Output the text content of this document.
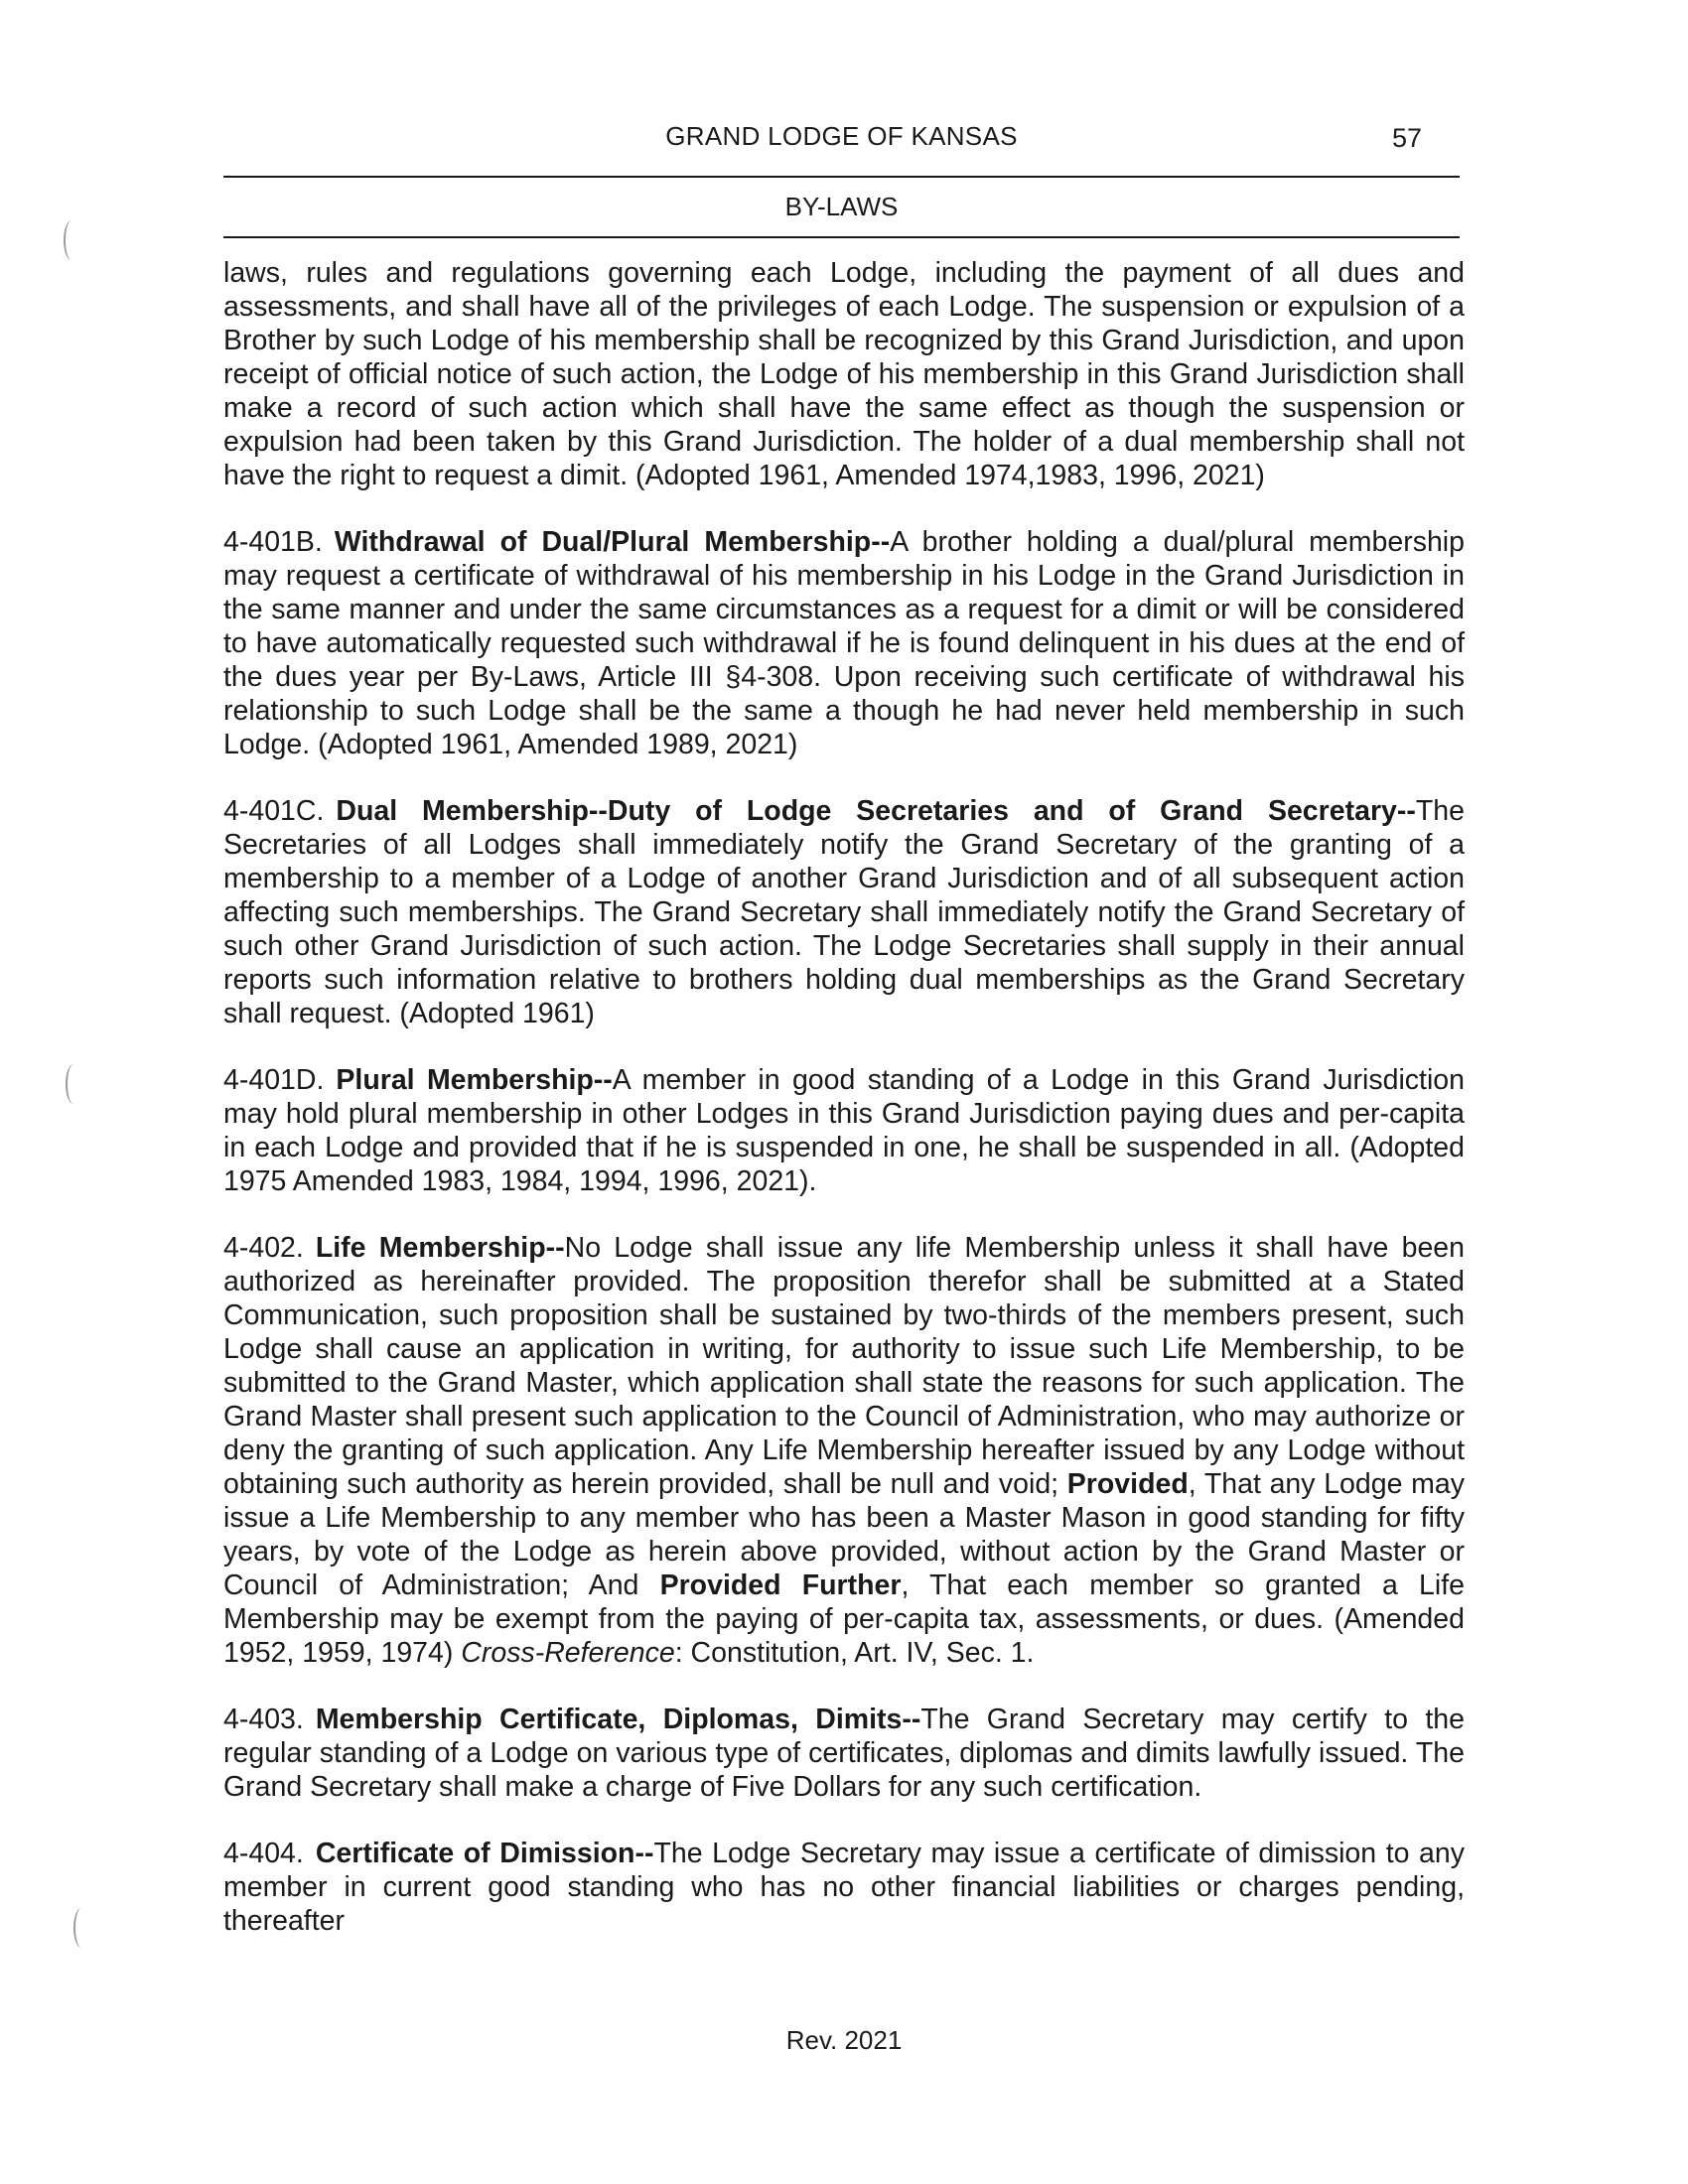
GRAND LODGE OF KANSAS	57
BY-LAWS

laws, rules and regulations governing each Lodge, including the payment of all dues and assessments, and shall have all of the privileges of each Lodge. The suspension or expulsion of a Brother by such Lodge of his membership shall be recognized by this Grand Jurisdiction, and upon receipt of official notice of such action, the Lodge of his membership in this Grand Jurisdiction shall make a record of such action which shall have the same effect as though the suspension or expulsion had been taken by this Grand Jurisdiction. The holder of a dual membership shall not have the right to request a dimit. (Adopted 1961, Amended 1974,1983, 1996, 2021)

4-401B. Withdrawal of Dual/Plural Membership--A brother holding a dual/plural membership may request a certificate of withdrawal of his membership in his Lodge in the Grand Jurisdiction in the same manner and under the same circumstances as a request for a dimit or will be considered to have automatically requested such withdrawal if he is found delinquent in his dues at the end of the dues year per By-Laws, Article III §4-308. Upon receiving such certificate of withdrawal his relationship to such Lodge shall be the same a though he had never held membership in such Lodge. (Adopted 1961, Amended 1989, 2021)

4-401C. Dual Membership--Duty of Lodge Secretaries and of Grand Secretary--The Secretaries of all Lodges shall immediately notify the Grand Secretary of the granting of a membership to a member of a Lodge of another Grand Jurisdiction and of all subsequent action affecting such memberships. The Grand Secretary shall immediately notify the Grand Secretary of such other Grand Jurisdiction of such action. The Lodge Secretaries shall supply in their annual reports such information relative to brothers holding dual memberships as the Grand Secretary shall request. (Adopted 1961)

4-401D. Plural Membership--A member in good standing of a Lodge in this Grand Jurisdiction may hold plural membership in other Lodges in this Grand Jurisdiction paying dues and per-capita in each Lodge and provided that if he is suspended in one, he shall be suspended in all. (Adopted 1975 Amended 1983, 1984, 1994, 1996, 2021).

4-402. Life Membership--No Lodge shall issue any life Membership unless it shall have been authorized as hereinafter provided. The proposition therefor shall be submitted at a Stated Communication, such proposition shall be sustained by two-thirds of the members present, such Lodge shall cause an application in writing, for authority to issue such Life Membership, to be submitted to the Grand Master, which application shall state the reasons for such application. The Grand Master shall present such application to the Council of Administration, who may authorize or deny the granting of such application. Any Life Membership hereafter issued by any Lodge without obtaining such authority as herein provided, shall be null and void; Provided, That any Lodge may issue a Life Membership to any member who has been a Master Mason in good standing for fifty years, by vote of the Lodge as herein above provided, without action by the Grand Master or Council of Administration; And Provided Further, That each member so granted a Life Membership may be exempt from the paying of per-capita tax, assessments, or dues. (Amended 1952, 1959, 1974) Cross-Reference: Constitution, Art. IV, Sec. 1.

4-403. Membership Certificate, Diplomas, Dimits--The Grand Secretary may certify to the regular standing of a Lodge on various type of certificates, diplomas and dimits lawfully issued. The Grand Secretary shall make a charge of Five Dollars for any such certification.

4-404. Certificate of Dimission--The Lodge Secretary may issue a certificate of dimission to any member in current good standing who has no other financial liabilities or charges pending, thereafter

Rev. 2021
